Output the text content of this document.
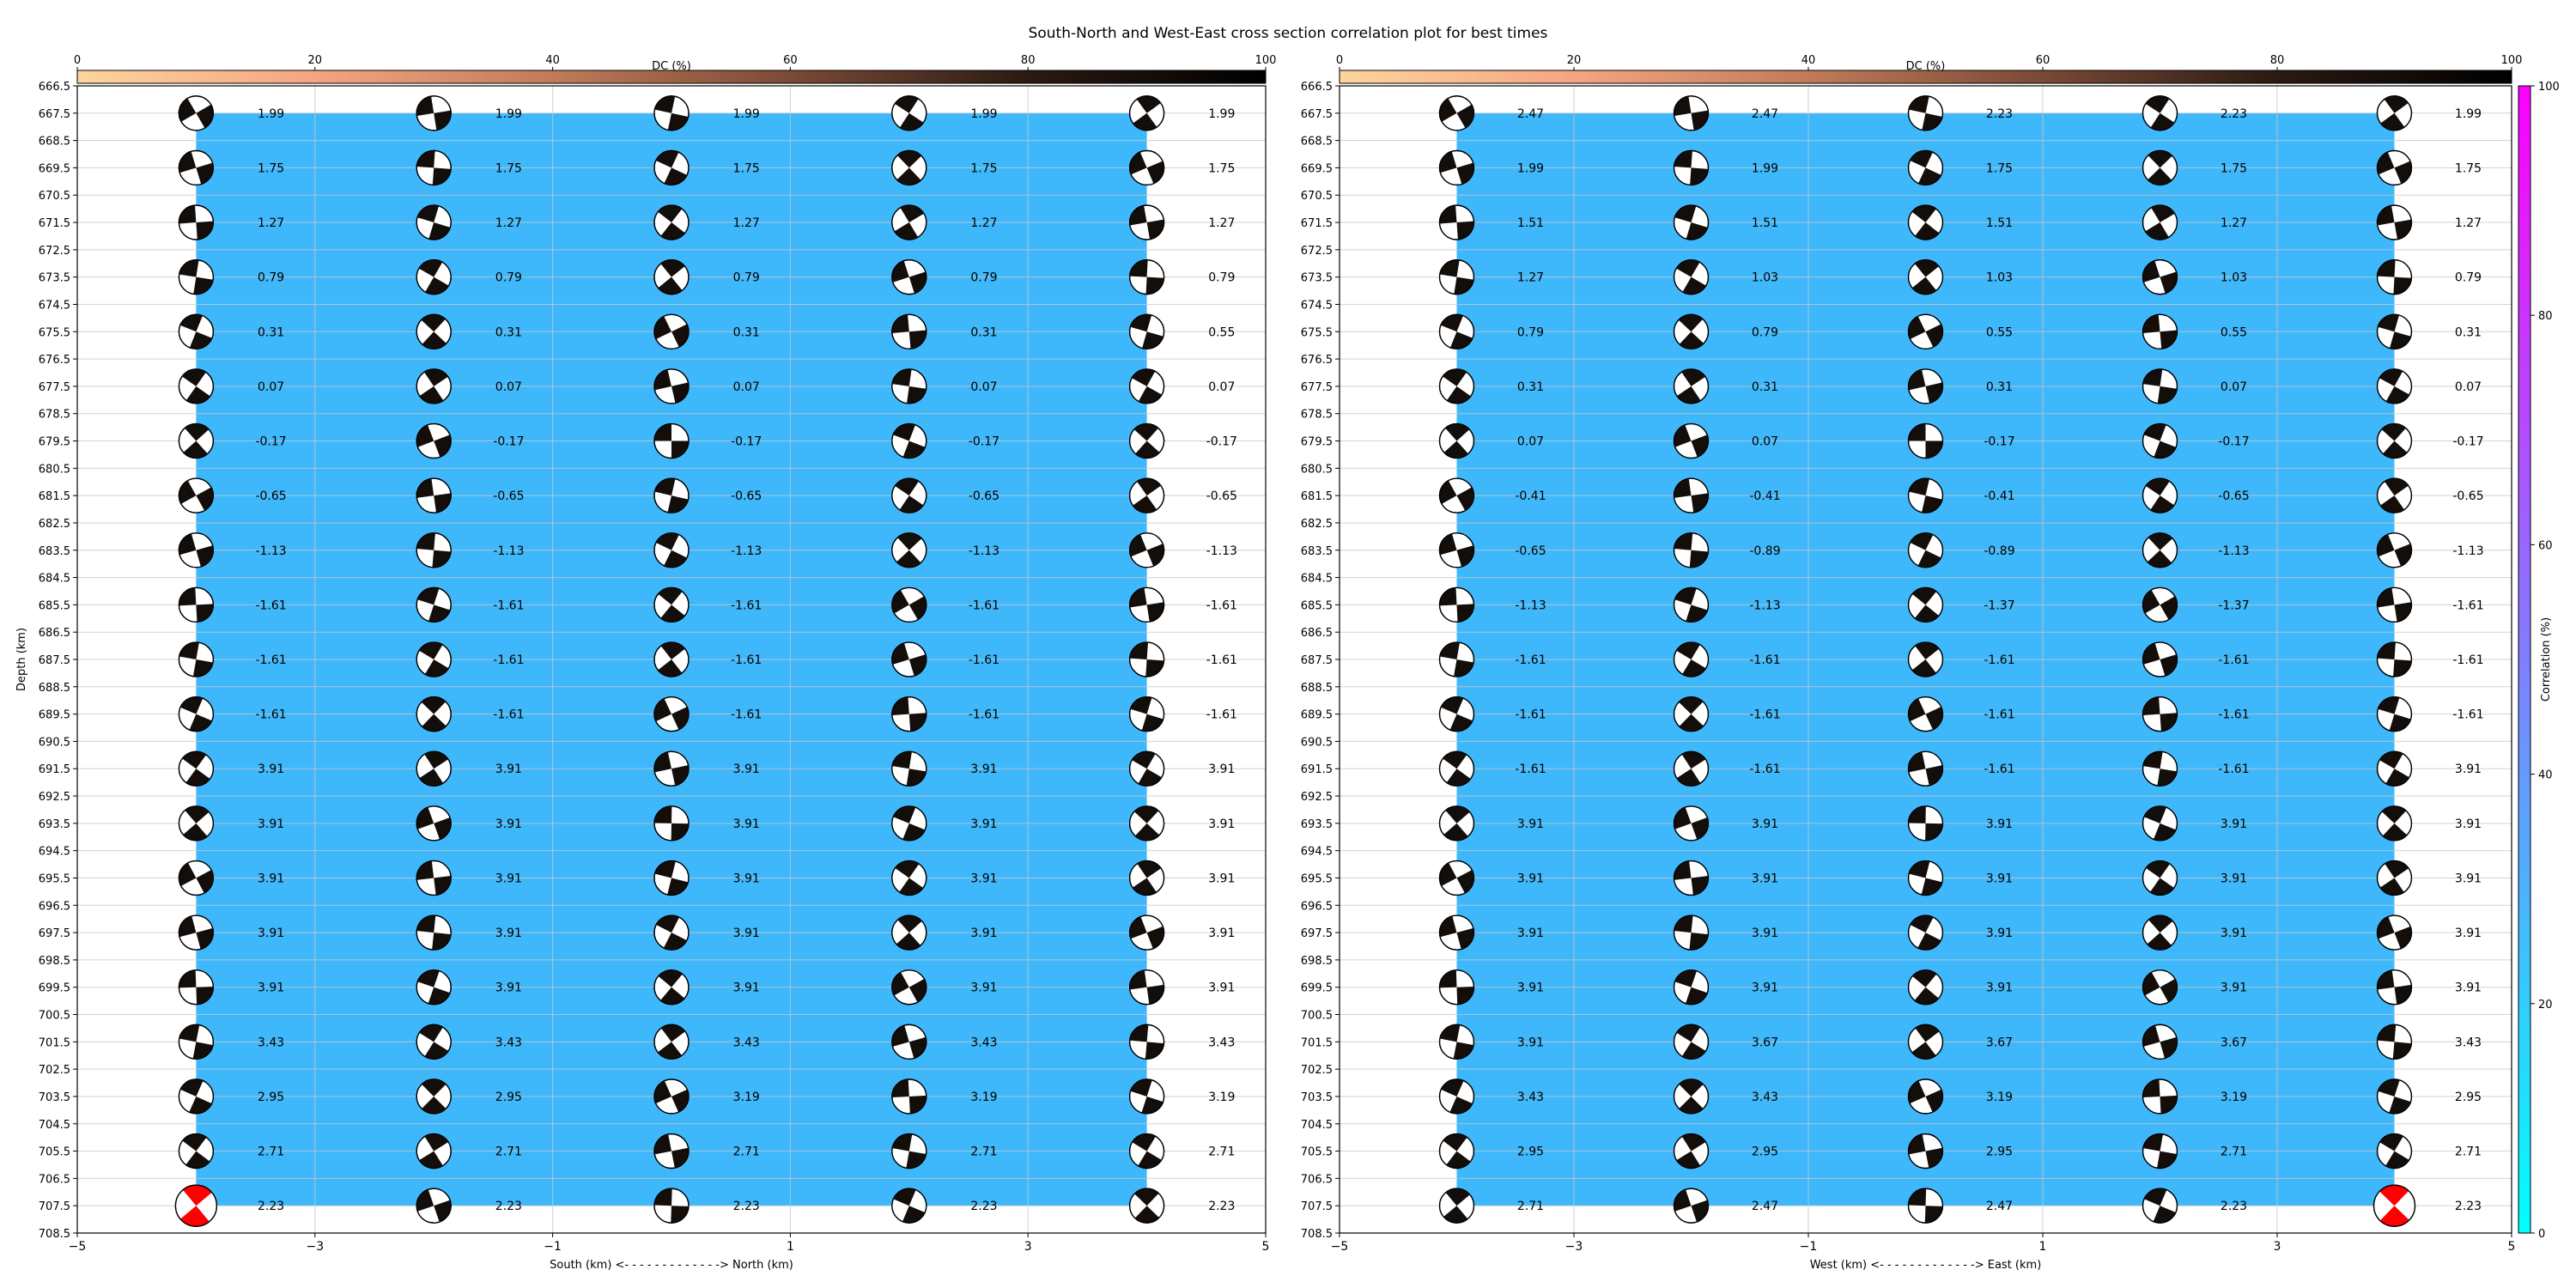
South-North and West-East cross section correlation plot for best times
0	20	40	60	80	100
DC (%)
666.5
667.5
668.5
669.5
670.5
671.5
672.5
673.5
674.5
675.5
676.5
677.5
678.5
679.5
680.5
681.5
682.5
683.5
684.5
685.5
686.5
687.5
688.5
689.5
690.5
691.5
692.5
693.5
694.5
695.5
696.5
697.5
698.5
699.5
700.5
701.5
702.5
703.5
704.5
705.5
706.5
707.5
708.5
−5	−3	−1	1	3	5
South (km) <- - - - - - - - - - - - -> North (km)
Depth (km)
1.99	1.99	1.99	1.99	1.99
1.75	1.75	1.75	1.75	1.75
1.27	1.27	1.27	1.27	1.27
0.79	0.79	0.79	0.79	0.79
0.31	0.31	0.31	0.31	0.55
0.07	0.07	0.07	0.07	0.07
-0.17	-0.17	-0.17	-0.17	-0.17
-0.65	-0.65	-0.65	-0.65	-0.65
-1.13	-1.13	-1.13	-1.13	-1.13
-1.61	-1.61	-1.61	-1.61	-1.61
-1.61	-1.61	-1.61	-1.61	-1.61
-1.61	-1.61	-1.61	-1.61	-1.61
3.91	3.91	3.91	3.91	3.91
3.91	3.91	3.91	3.91	3.91
3.91	3.91	3.91	3.91	3.91
3.91	3.91	3.91	3.91	3.91
3.91	3.91	3.91	3.91	3.91
3.43	3.43	3.43	3.43	3.43
2.95	2.95	3.19	3.19	3.19
2.71	2.71	2.71	2.71	2.71
2.23	2.23	2.23	2.23	2.23
0	20	40	60	80	100
DC (%)
666.5
667.5
668.5
669.5
670.5
671.5
672.5
673.5
674.5
675.5
676.5
677.5
678.5
679.5
680.5
681.5
682.5
683.5
684.5
685.5
686.5
687.5
688.5
689.5
690.5
691.5
692.5
693.5
694.5
695.5
696.5
697.5
698.5
699.5
700.5
701.5
702.5
703.5
704.5
705.5
706.5
707.5
708.5
−5	−3	−1	1	3	5
West (km) <- - - - - - - - - - - - -> East (km)
2.47	2.47	2.23	2.23	1.99
1.99	1.99	1.75	1.75	1.75
1.51	1.51	1.51	1.27	1.27
1.27	1.03	1.03	1.03	0.79
0.79	0.79	0.55	0.55	0.31
0.31	0.31	0.31	0.07	0.07
0.07	0.07	-0.17	-0.17	-0.17
-0.41	-0.41	-0.41	-0.65	-0.65
-0.65	-0.89	-0.89	-1.13	-1.13
-1.13	-1.13	-1.37	-1.37	-1.61
-1.61	-1.61	-1.61	-1.61	-1.61
-1.61	-1.61	-1.61	-1.61	-1.61
-1.61	-1.61	-1.61	-1.61	3.91
3.91	3.91	3.91	3.91	3.91
3.91	3.91	3.91	3.91	3.91
3.91	3.91	3.91	3.91	3.91
3.91	3.91	3.91	3.91	3.91
3.91	3.67	3.67	3.67	3.43
3.43	3.43	3.19	3.19	2.95
2.95	2.95	2.95	2.71	2.71
2.71	2.47	2.47	2.23	2.23
0
20
40
60
80
100
Correlation (%)
